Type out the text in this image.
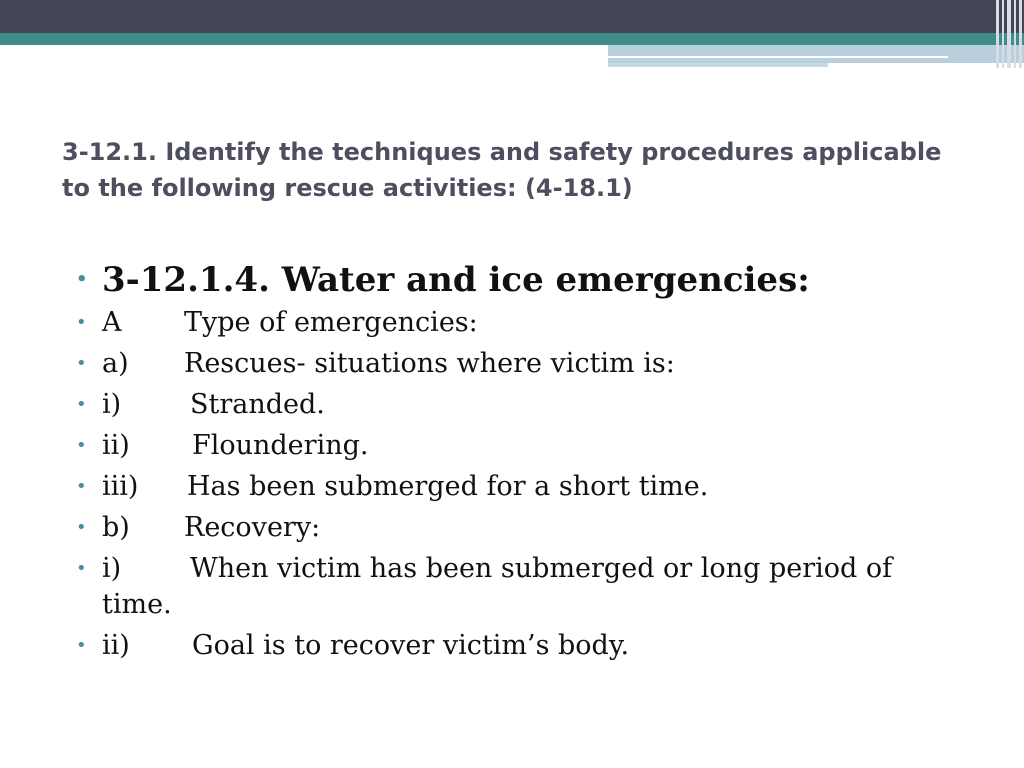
3-12.1. Identify the techniques and safety procedures applicable to the following rescue activities: (4-18.1)
• 3-12.1.4. Water and ice emergencies:
• A Type of emergencies:
• a) Rescues- situations where victim is:
• i)	Stranded.
• ii) Floundering.
• iii) Has been submerged for a short time.
• b) Recovery:
• i)	When victim has been submerged or long period of time.
• ii) Goal is to recover victim’s body.
